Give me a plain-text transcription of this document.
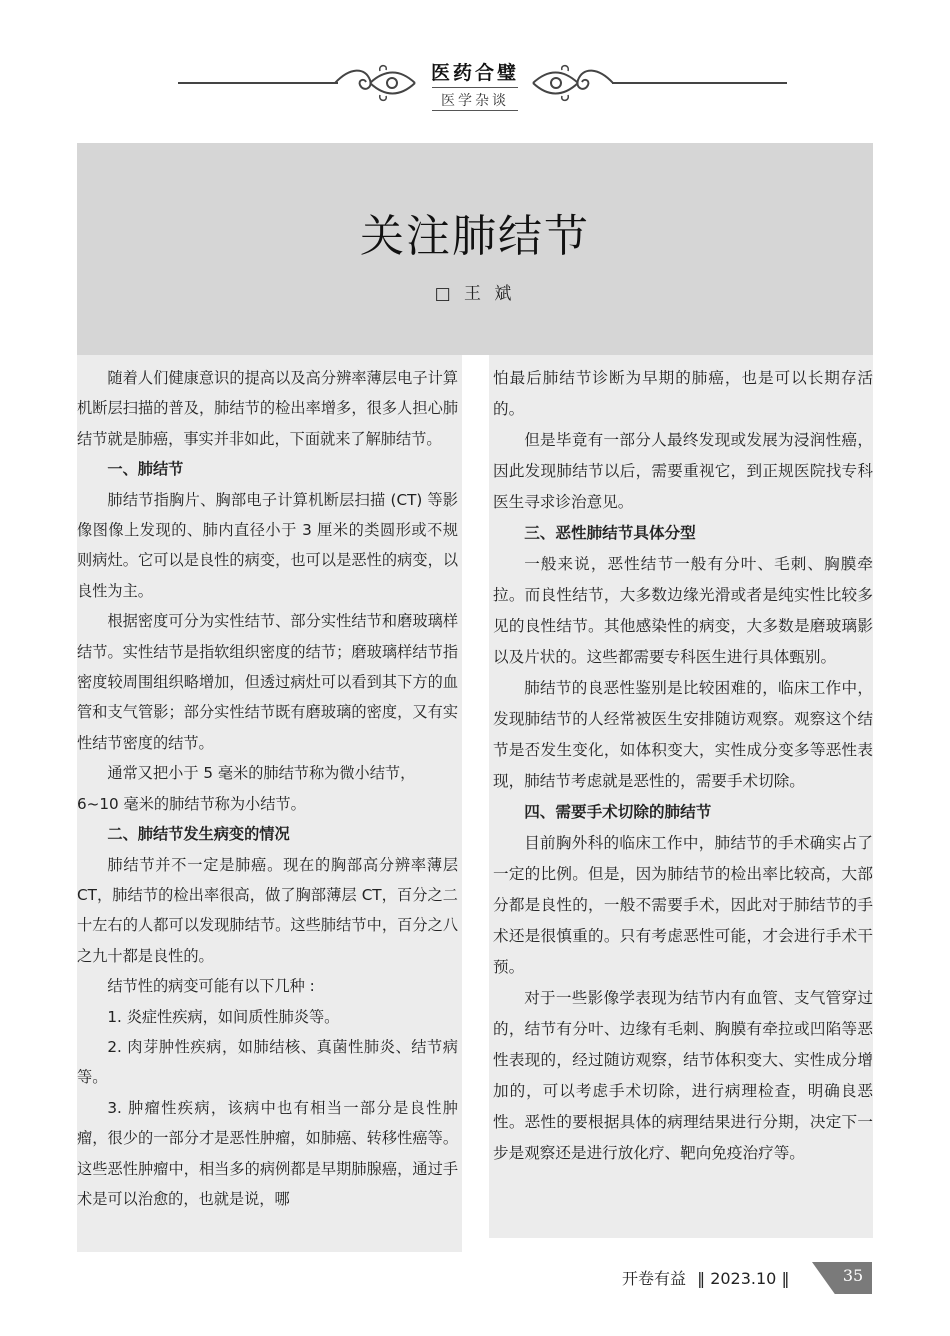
医药合璧
医学杂谈
关注肺结节
□ 王 斌

随着人们健康意识的提高以及高分辨率薄层电子计算机断层扫描的普及，肺结节的检出率增多，很多人担心肺结节就是肺癌，事实并非如此，下面就来了解肺结节。

一、肺结节

肺结节指胸片、胸部电子计算机断层扫描 (CT) 等影像图像上发现的、肺内直径小于 3 厘米的类圆形或不规则病灶。它可以是良性的病变，也可以是恶性的病变，以良性为主。

根据密度可分为实性结节、部分实性结节和磨玻璃样结节。实性结节是指软组织密度的结节；磨玻璃样结节指密度较周围组织略增加，但透过病灶可以看到其下方的血管和支气管影；部分实性结节既有磨玻璃的密度，又有实性结节密度的结节。

通常又把小于 5 毫米的肺结节称为微小结节，

6~10 毫米的肺结节称为小结节。

二、肺结节发生病变的情况

肺结节并不一定是肺癌。现在的胸部高分辨率薄层 CT，肺结节的检出率很高，做了胸部薄层 CT，百分之二十左右的人都可以发现肺结节。这些肺结节中，百分之八之九十都是良性的。

结节性的病变可能有以下几种 :

1. 炎症性疾病，如间质性肺炎等。

2. 肉芽肿性疾病，如肺结核、真菌性肺炎、结节病等。

3. 肿瘤性疾病，该病中也有相当一部分是良性肿瘤，很少的一部分才是恶性肿瘤，如肺癌、转移性癌等。这些恶性肿瘤中，相当多的病例都是早期肺腺癌，通过手术是可以治愈的，也就是说，哪

怕最后肺结节诊断为早期的肺癌，也是可以长期存活的。

但是毕竟有一部分人最终发现或发展为浸润性癌，因此发现肺结节以后，需要重视它，到正规医院找专科医生寻求诊治意见。

三、恶性肺结节具体分型

一般来说，恶性结节一般有分叶、毛刺、胸膜牵拉。而良性结节，大多数边缘光滑或者是纯实性比较多见的良性结节。其他感染性的病变，大多数是磨玻璃影以及片状的。这些都需要专科医生进行具体甄别。

肺结节的良恶性鉴别是比较困难的，临床工作中，发现肺结节的人经常被医生安排随访观察。观察这个结节是否发生变化，如体积变大，实性成分变多等恶性表现，肺结节考虑就是恶性的，需要手术切除。

四、需要手术切除的肺结节

目前胸外科的临床工作中，肺结节的手术确实占了一定的比例。但是，因为肺结节的检出率比较高，大部分都是良性的，一般不需要手术，因此对于肺结节的手术还是很慎重的。只有考虑恶性可能，才会进行手术干预。

对于一些影像学表现为结节内有血管、支气管穿过的，结节有分叶、边缘有毛刺、胸膜有牵拉或凹陷等恶性表现的，经过随访观察，结节体积变大、实性成分增加的，可以考虑手术切除，进行病理检查，明确良恶性。恶性的要根据具体的病理结果进行分期，决定下一步是观察还是进行放化疗、靶向免疫治疗等。

开卷有益 ‖ 2023.10 ‖	35
